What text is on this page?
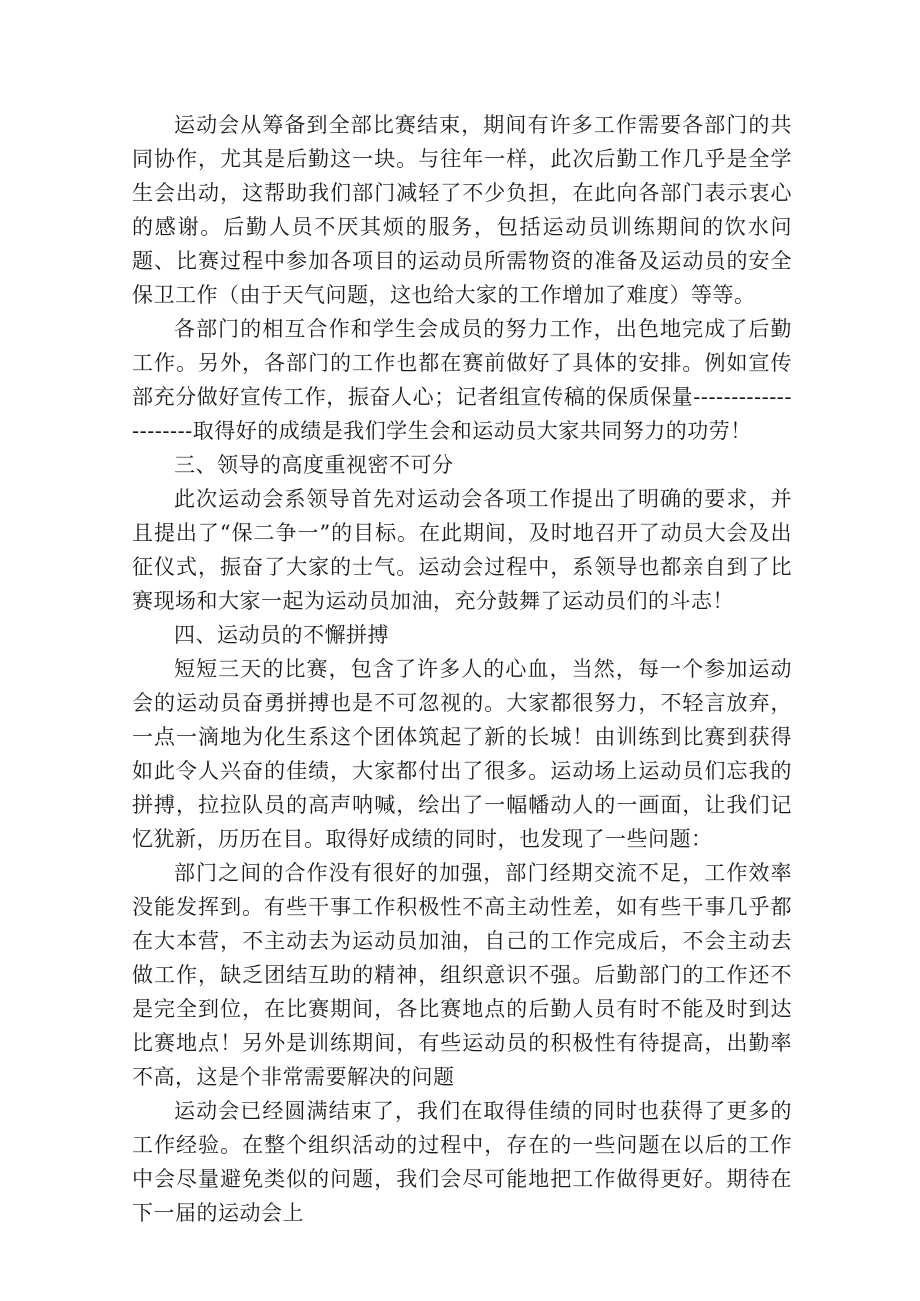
运动会从筹备到全部比赛结束，期间有许多工作需要各部门的共同协作，尤其是后勤这一块。与往年一样，此次后勤工作几乎是全学生会出动，这帮助我们部门减轻了不少负担，在此向各部门表示衷心的感谢。后勤人员不厌其烦的服务，包括运动员训练期间的饮水问题、比赛过程中参加各项目的运动员所需物资的准备及运动员的安全保卫工作（由于天气问题，这也给大家的工作增加了难度）等等。

各部门的相互合作和学生会成员的努力工作，出色地完成了后勤工作。另外，各部门的工作也都在赛前做好了具体的安排。例如宣传部充分做好宣传工作，振奋人心；记者组宣传稿的保质保量---------------------取得好的成绩是我们学生会和运动员大家共同努力的功劳！

三、领导的高度重视密不可分

此次运动会系领导首先对运动会各项工作提出了明确的要求，并且提出了“保二争一”的目标。在此期间，及时地召开了动员大会及出征仪式，振奋了大家的士气。运动会过程中，系领导也都亲自到了比赛现场和大家一起为运动员加油，充分鼓舞了运动员们的斗志！

四、运动员的不懈拼搏

短短三天的比赛，包含了许多人的心血，当然，每一个参加运动会的运动员奋勇拼搏也是不可忽视的。大家都很努力，不轻言放弃，一点一滴地为化生系这个团体筑起了新的长城！由训练到比赛到获得如此令人兴奋的佳绩，大家都付出了很多。运动场上运动员们忘我的拼搏，拉拉队员的高声呐喊，绘出了一幅幡动人的一画面，让我们记忆犹新，历历在目。取得好成绩的同时，也发现了一些问题：

部门之间的合作没有很好的加强，部门经期交流不足，工作效率没能发挥到。有些干事工作积极性不高主动性差，如有些干事几乎都在大本营，不主动去为运动员加油，自己的工作完成后，不会主动去做工作，缺乏团结互助的精神，组织意识不强。后勤部门的工作还不是完全到位，在比赛期间，各比赛地点的后勤人员有时不能及时到达比赛地点！另外是训练期间，有些运动员的积极性有待提高，出勤率不高，这是个非常需要解决的问题

运动会已经圆满结束了，我们在取得佳绩的同时也获得了更多的工作经验。在整个组织活动的过程中，存在的一些问题在以后的工作中会尽量避免类似的问题，我们会尽可能地把工作做得更好。期待在下一届的运动会上
